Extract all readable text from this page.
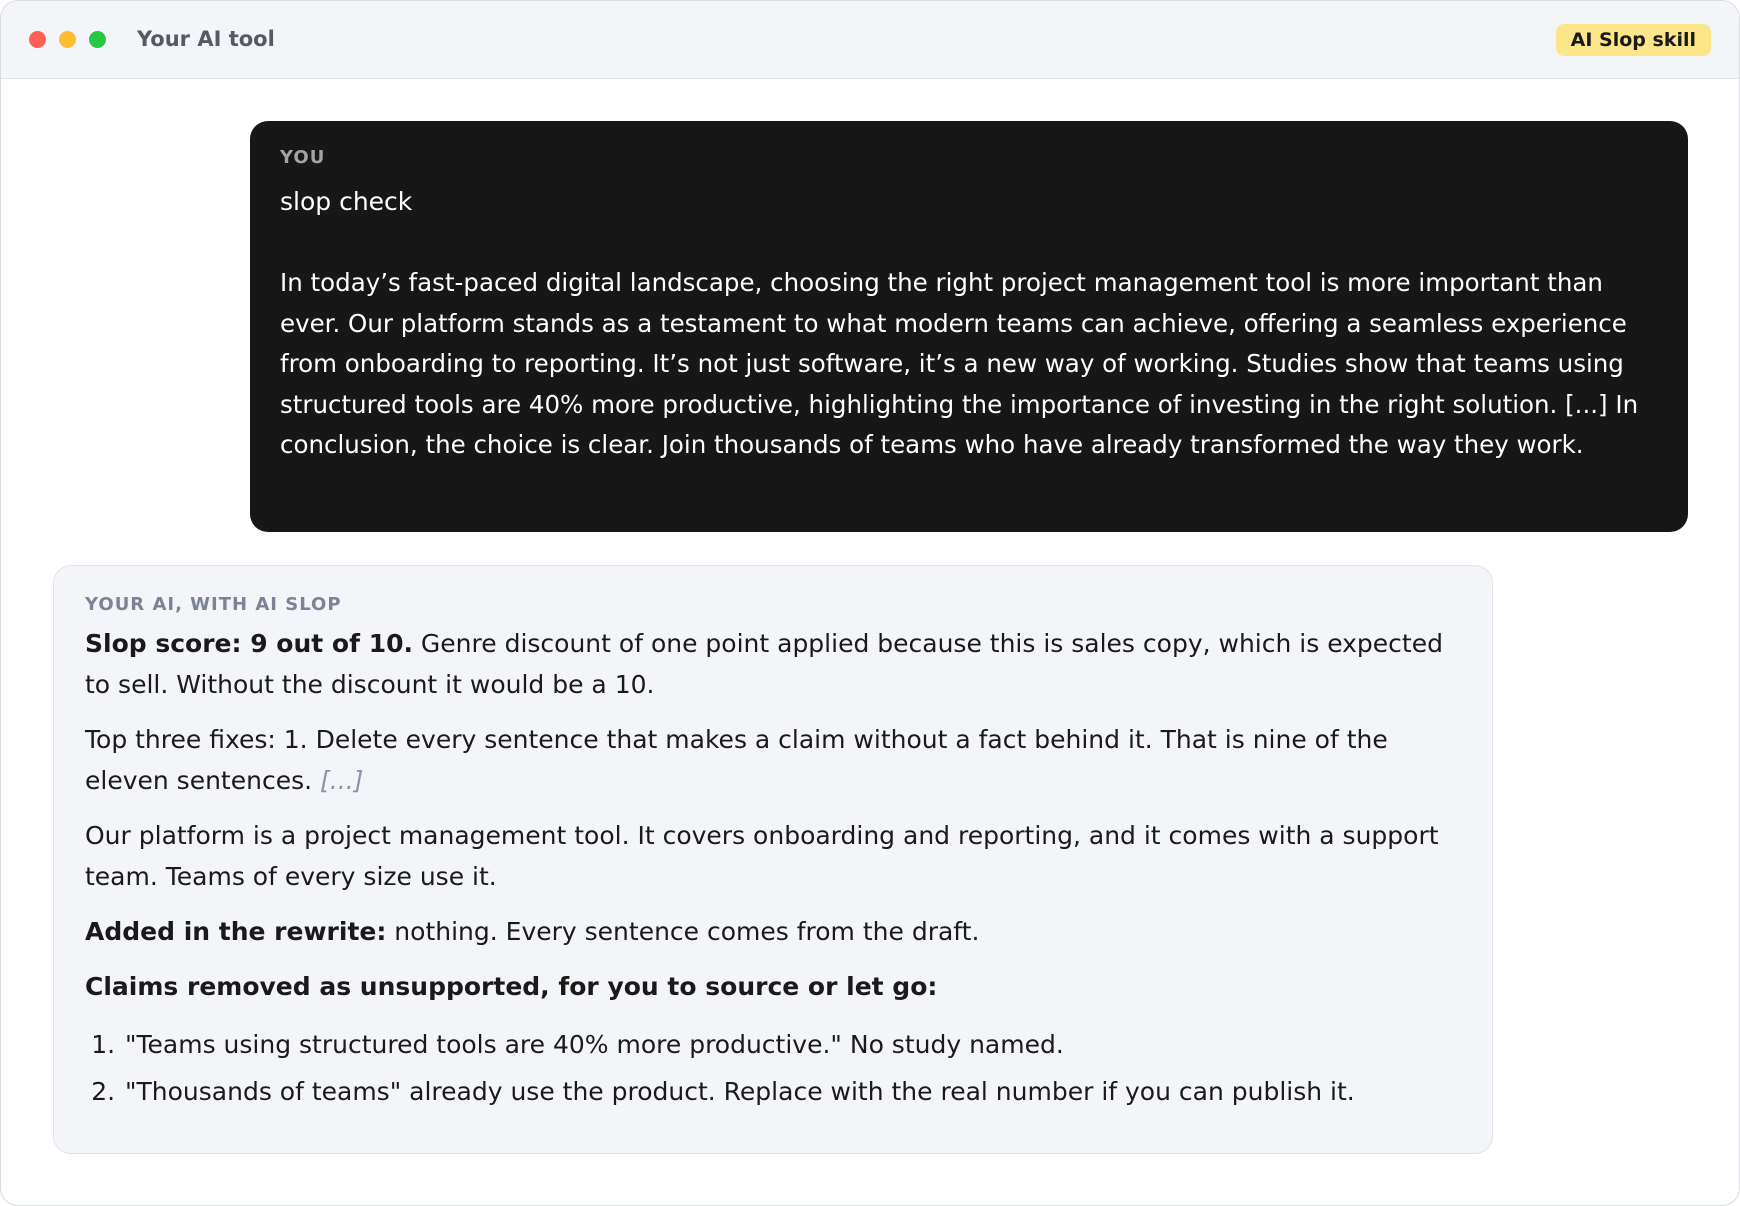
Your AI tool	AI Slop skill
YOU
slop check
In today’s fast-paced digital landscape, choosing the right project management tool is more important than ever. Our platform stands as a testament to what modern teams can achieve, offering a seamless experience from onboarding to reporting. It’s not just software, it’s a new way of working. Studies show that teams using structured tools are 40% more productive, highlighting the importance of investing in the right solution. [...] In conclusion, the choice is clear. Join thousands of teams who have already transformed the way they work.
YOUR AI, WITH AI SLOP
Slop score: 9 out of 10. Genre discount of one point applied because this is sales copy, which is expected to sell. Without the discount it would be a 10.
Top three fixes: 1. Delete every sentence that makes a claim without a fact behind it. That is nine of the eleven sentences. [...]
Our platform is a project management tool. It covers onboarding and reporting, and it comes with a support team. Teams of every size use it.
Added in the rewrite: nothing. Every sentence comes from the draft.
Claims removed as unsupported, for you to source or let go:
1. "Teams using structured tools are 40% more productive." No study named.
2. "Thousands of teams" already use the product. Replace with the real number if you can publish it.
